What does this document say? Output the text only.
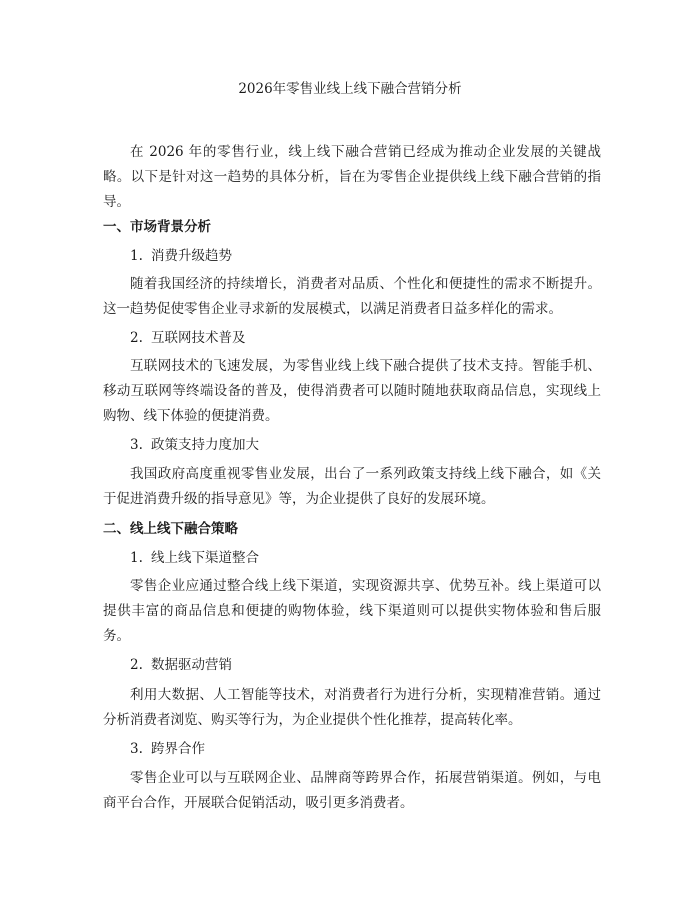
2026年零售业线上线下融合营销分析

在 2026 年的零售行业，线上线下融合营销已经成为推动企业发展的关键战略。以下是针对这一趋势的具体分析，旨在为零售企业提供线上线下融合营销的指导。

一、市场背景分析
1. 消费升级趋势

随着我国经济的持续增长，消费者对品质、个性化和便捷性的需求不断提升。这一趋势促使零售企业寻求新的发展模式，以满足消费者日益多样化的需求。

2. 互联网技术普及

互联网技术的飞速发展，为零售业线上线下融合提供了技术支持。智能手机、移动互联网等终端设备的普及，使得消费者可以随时随地获取商品信息，实现线上购物、线下体验的便捷消费。

3. 政策支持力度加大

我国政府高度重视零售业发展，出台了一系列政策支持线上线下融合，如《关于促进消费升级的指导意见》等，为企业提供了良好的发展环境。

二、线上线下融合策略
1. 线上线下渠道整合

零售企业应通过整合线上线下渠道，实现资源共享、优势互补。线上渠道可以提供丰富的商品信息和便捷的购物体验，线下渠道则可以提供实物体验和售后服务。

2. 数据驱动营销

利用大数据、人工智能等技术，对消费者行为进行分析，实现精准营销。通过分析消费者浏览、购买等行为，为企业提供个性化推荐，提高转化率。

3. 跨界合作

零售企业可以与互联网企业、品牌商等跨界合作，拓展营销渠道。例如，与电商平台合作，开展联合促销活动，吸引更多消费者。
